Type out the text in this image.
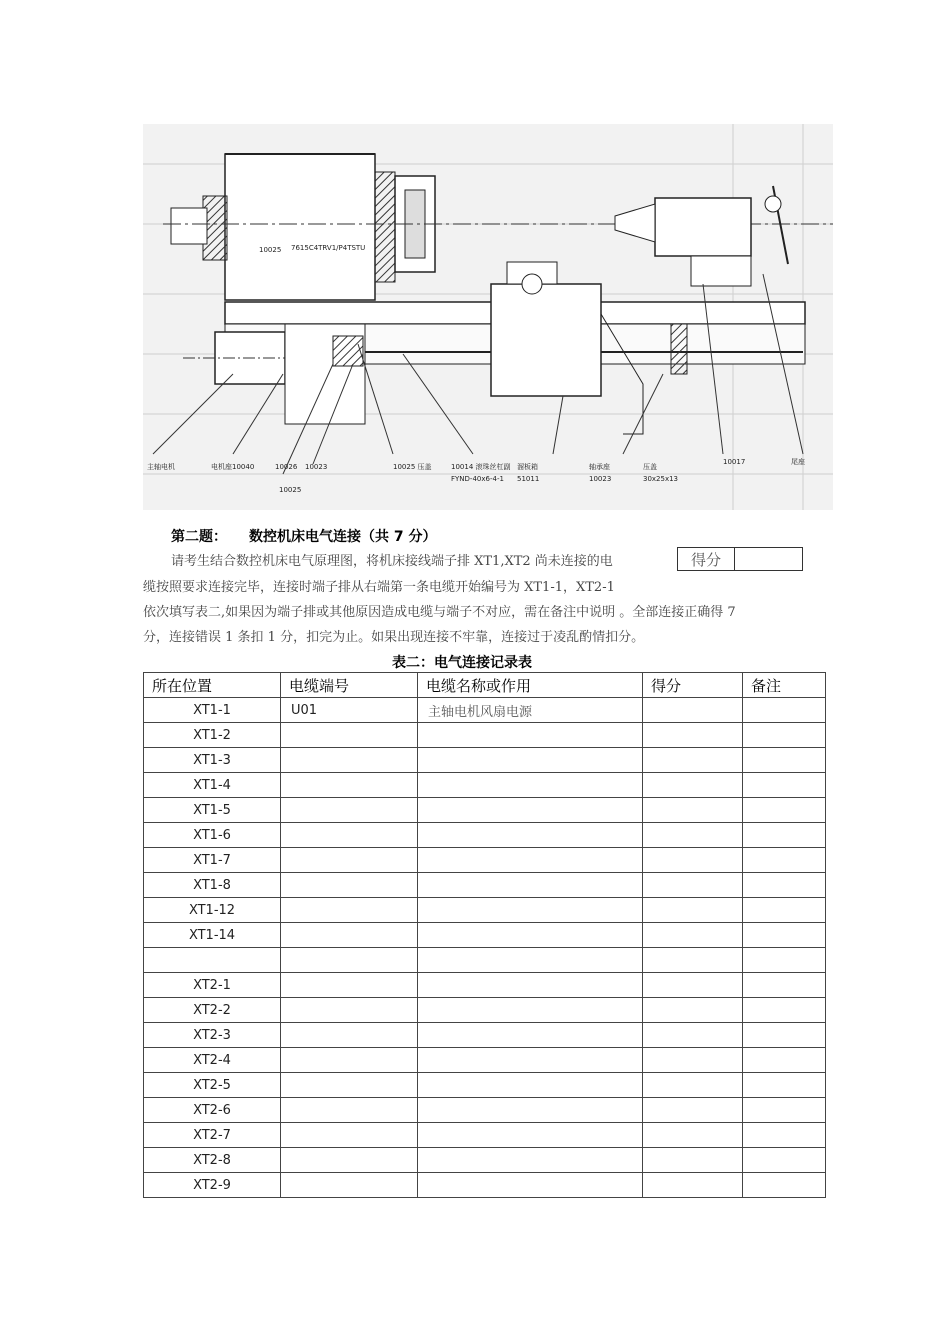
主轴电机	电机座10040
10025
10026 10023
10025 7615C4TRV1/P4TSTU
10025 压盖	10014 滚珠丝杠副
FYND-40x6-4-1
溜板箱
51011
轴承座
10023
压盖
30x25x13
10017	尾座
第二题： 数控机床电气连接（共 7 分）
得分
请考生结合数控机床电气原理图，将机床接线端子排 XT1,XT2 尚未连接的电
缆按照要求连接完毕，连接时端子排从右端第一条电缆开始编号为 XT1-1，XT2-1
依次填写表二,如果因为端子排或其他原因造成电缆与端子不对应，需在备注中说明 。全部连接正确得 7
分，连接错误 1 条扣 1 分，扣完为止。如果出现连接不牢靠，连接过于凌乱酌情扣分。
表二：电气连接记录表
所在位置	电缆端号	电缆名称或作用	得分	备注
XT1-1	U01	主轴电机风扇电源		
XT1-2				
XT1-3				
XT1-4				
XT1-5				
XT1-6				
XT1-7				
XT1-8				
XT1-12				
XT1-14				

XT2-1				
XT2-2				
XT2-3				
XT2-4				
XT2-5				
XT2-6				
XT2-7				
XT2-8				
XT2-9				
